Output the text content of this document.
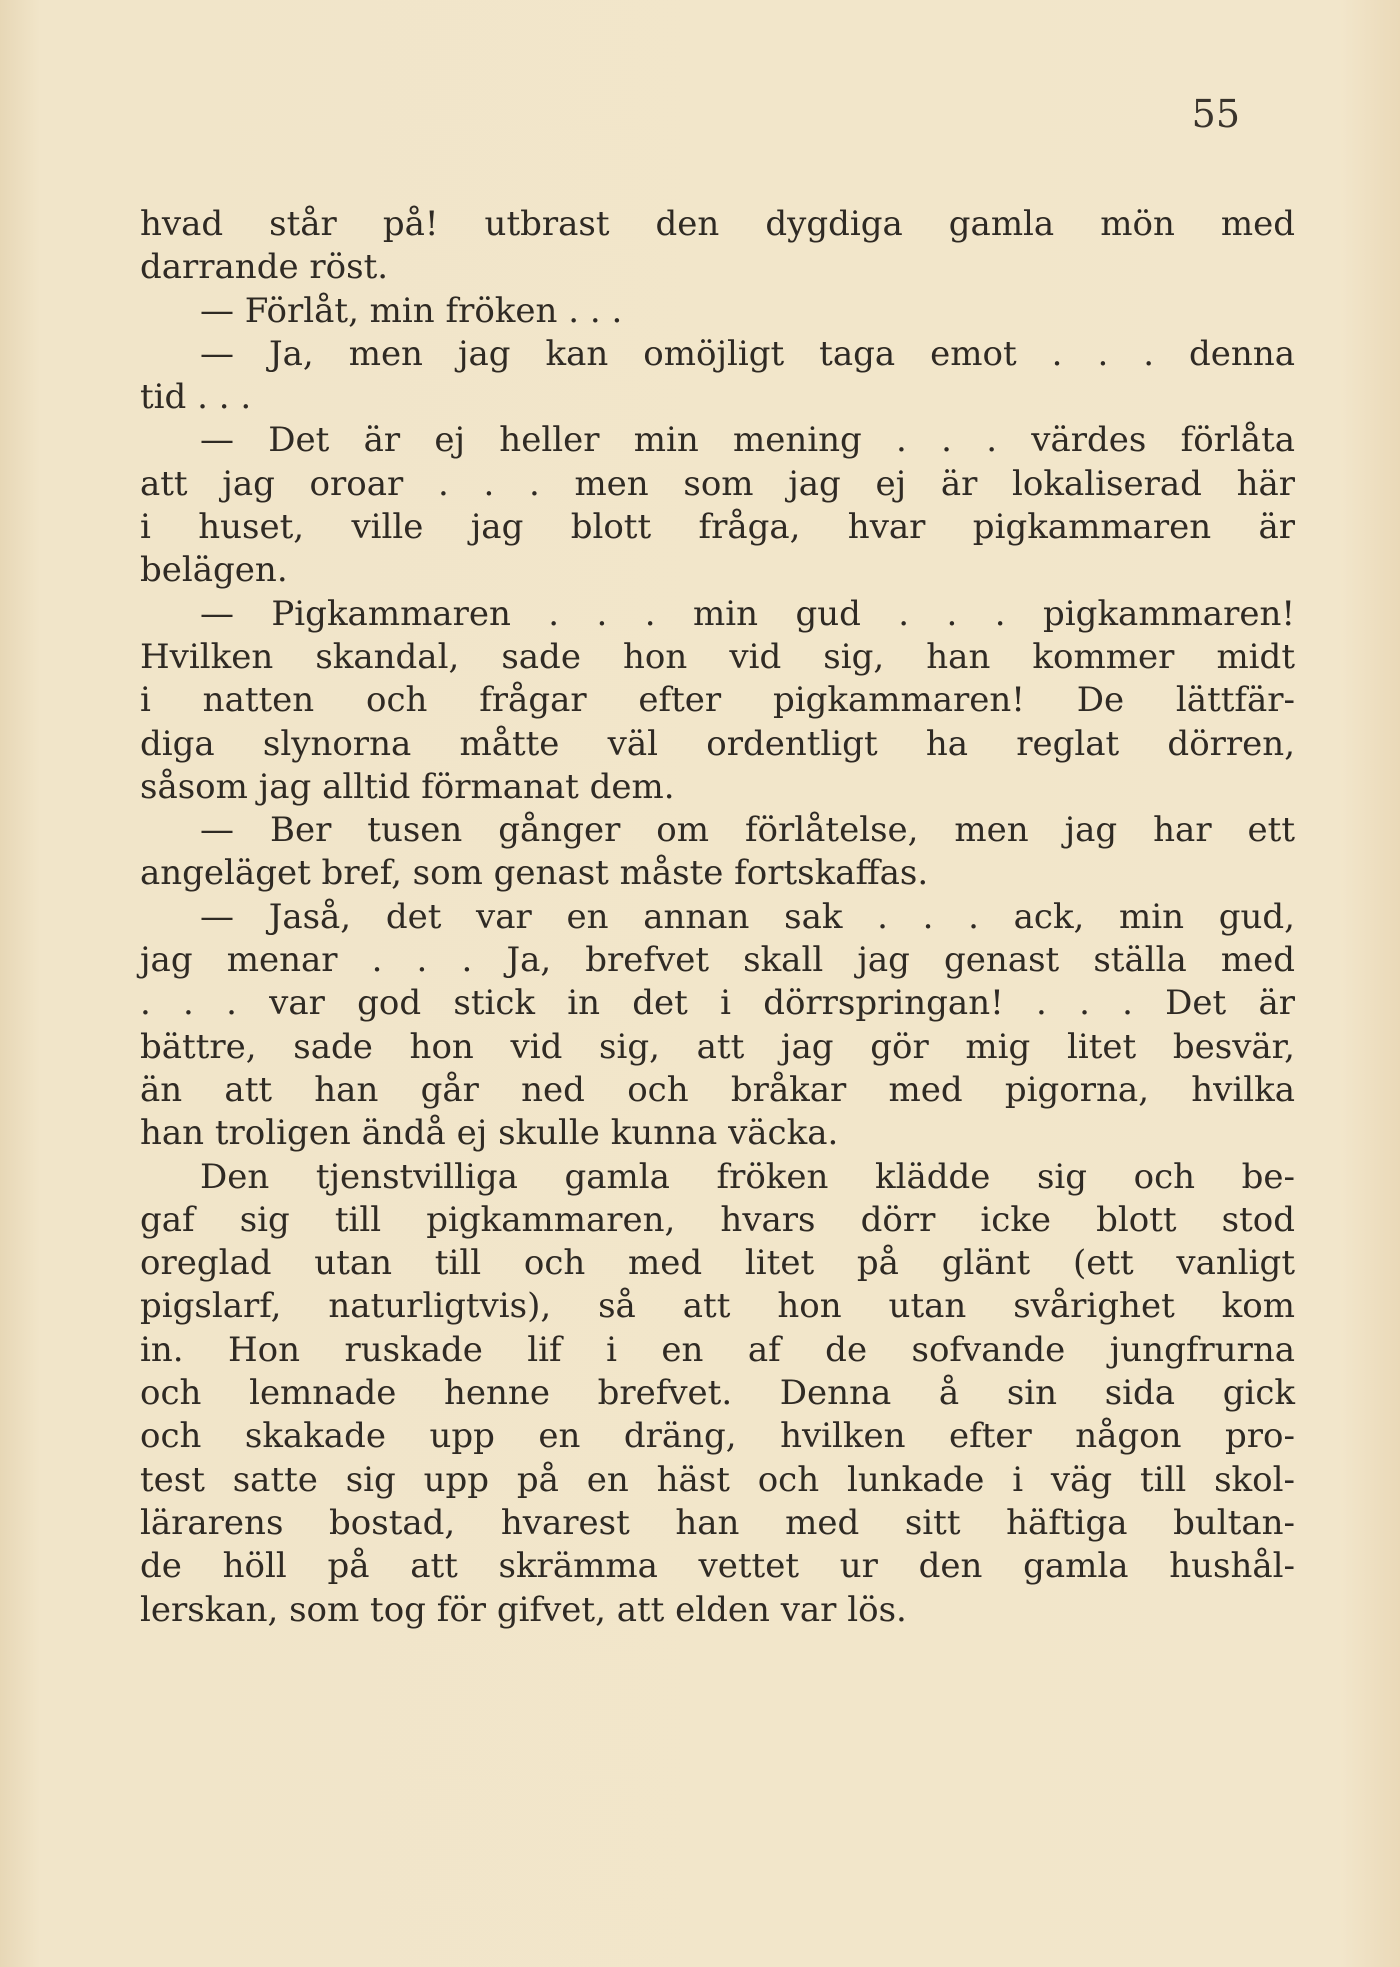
55
hvad står på! utbrast den dygdiga gamla mön med
darrande röst.
— Förlåt, min fröken . . .
— Ja, men jag kan omöjligt taga emot . . . denna
tid . . .
— Det är ej heller min mening . . . värdes förlåta
att jag oroar . . . men som jag ej är lokaliserad här
i huset, ville jag blott fråga, hvar pigkammaren är
belägen.
— Pigkammaren . . . min gud . . . pigkammaren!
Hvilken skandal, sade hon vid sig, han kommer midt
i natten och frågar efter pigkammaren! De lättfär-
diga slynorna måtte väl ordentligt ha reglat dörren,
såsom jag alltid förmanat dem.
— Ber tusen gånger om förlåtelse, men jag har ett
angeläget bref, som genast måste fortskaffas.
— Jaså, det var en annan sak . . . ack, min gud,
jag menar . . . Ja, brefvet skall jag genast ställa med
. . . var god stick in det i dörrspringan! . . . Det är
bättre, sade hon vid sig, att jag gör mig litet besvär,
än att han går ned och bråkar med pigorna, hvilka
han troligen ändå ej skulle kunna väcka.
Den tjenstvilliga gamla fröken klädde sig och be-
gaf sig till pigkammaren, hvars dörr icke blott stod
oreglad utan till och med litet på glänt (ett vanligt
pigslarf, naturligtvis), så att hon utan svårighet kom
in. Hon ruskade lif i en af de sofvande jungfrurna
och lemnade henne brefvet. Denna å sin sida gick
och skakade upp en dräng, hvilken efter någon pro-
test satte sig upp på en häst och lunkade i väg till skol-
lärarens bostad, hvarest han med sitt häftiga bultan-
de höll på att skrämma vettet ur den gamla hushål-
lerskan, som tog för gifvet, att elden var lös.
